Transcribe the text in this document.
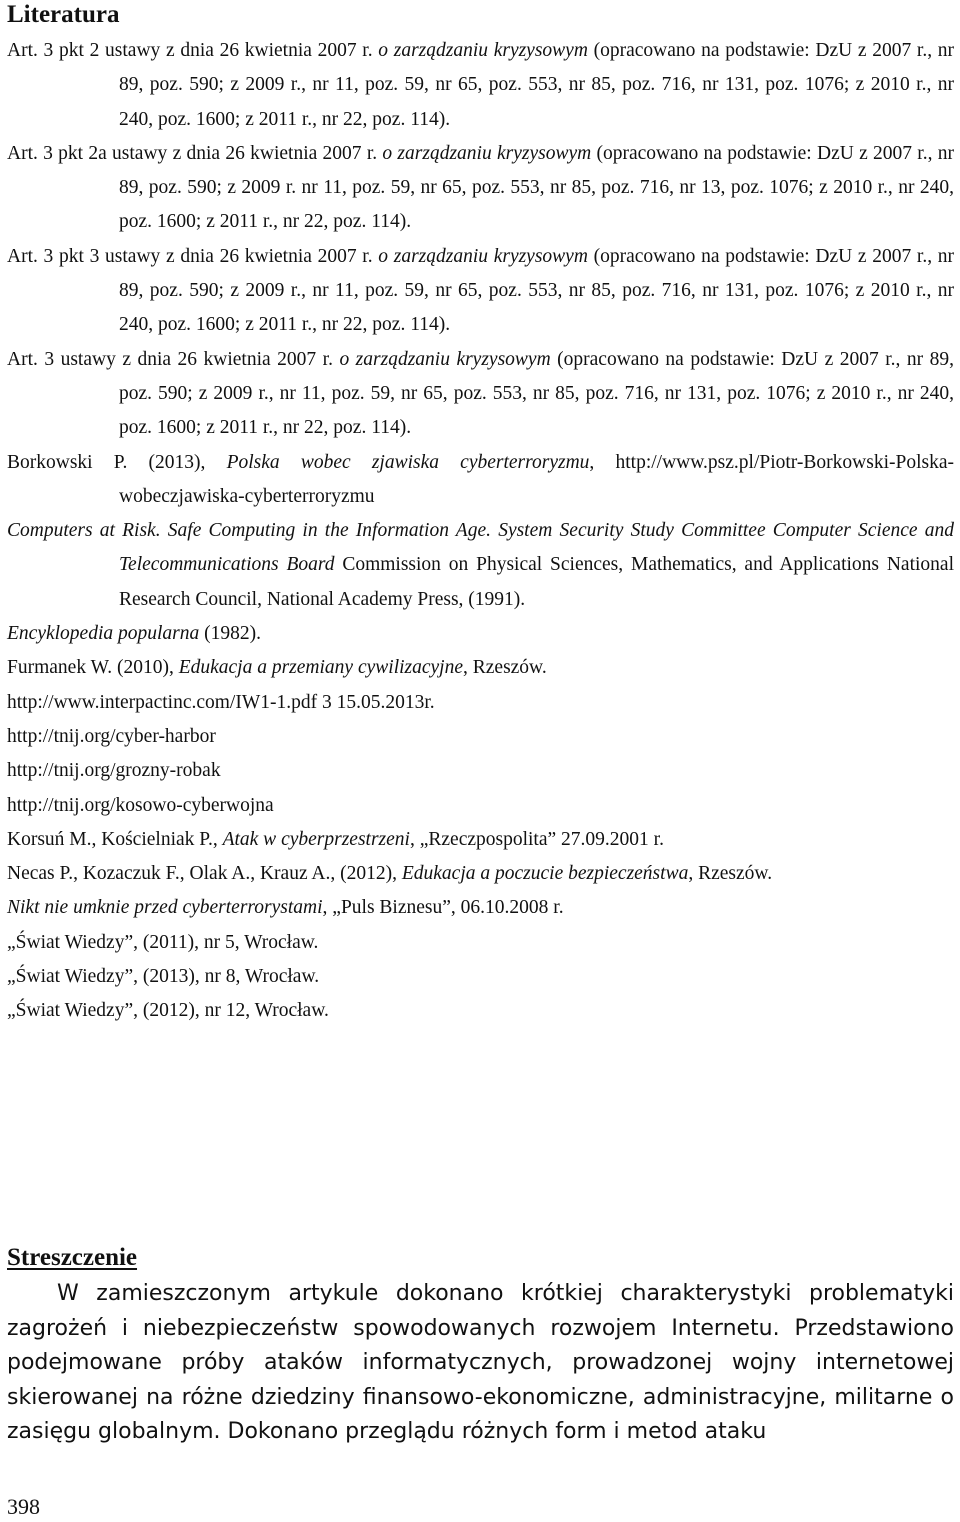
Literatura

Art. 3 pkt 2 ustawy z dnia 26 kwietnia 2007 r. o zarządzaniu kryzysowym (opracowano na podstawie: DzU z 2007 r., nr 89, poz. 590; z 2009 r., nr 11, poz. 59, nr 65, poz. 553, nr 85, poz. 716, nr 131, poz. 1076; z 2010 r., nr 240, poz. 1600; z 2011 r., nr 22, poz. 114).

Art. 3 pkt 2a ustawy z dnia 26 kwietnia 2007 r. o zarządzaniu kryzysowym (opracowano na podstawie: DzU z 2007 r., nr 89, poz. 590; z 2009 r. nr 11, poz. 59, nr 65, poz. 553, nr 85, poz. 716, nr 13, poz. 1076; z 2010 r., nr 240, poz. 1600; z 2011 r., nr 22, poz. 114).

Art. 3 pkt 3 ustawy z dnia 26 kwietnia 2007 r. o zarządzaniu kryzysowym (opracowano na podstawie: DzU z 2007 r., nr 89, poz. 590; z 2009 r., nr 11, poz. 59, nr 65, poz. 553, nr 85, poz. 716, nr 131, poz. 1076; z 2010 r., nr 240, poz. 1600; z 2011 r., nr 22, poz. 114).

Art. 3 ustawy z dnia 26 kwietnia 2007 r. o zarządzaniu kryzysowym (opracowano na podstawie: DzU z 2007 r., nr 89, poz. 590; z 2009 r., nr 11, poz. 59, nr 65, poz. 553, nr 85, poz. 716, nr 131, poz. 1076; z 2010 r., nr 240, poz. 1600; z 2011 r., nr 22, poz. 114).

Borkowski P. (2013), Polska wobec zjawiska cyberterroryzmu, http://www.psz.pl/Piotr-Borkowski-Polska-wobeczjawiska-cyberterroryzmu

Computers at Risk. Safe Computing in the Information Age. System Security Study Committee Computer Science and Telecommunications Board Commission on Physical Sciences, Mathematics, and Applications National Research Council, National Academy Press, (1991).

Encyklopedia popularna (1982).

Furmanek W. (2010), Edukacja a przemiany cywilizacyjne, Rzeszów.

http://www.interpactinc.com/IW1-1.pdf 3 15.05.2013r.

http://tnij.org/cyber-harbor

http://tnij.org/grozny-robak

http://tnij.org/kosowo-cyberwojna

Korsuń M., Kościelniak P., Atak w cyberprzestrzeni, „Rzeczpospolita” 27.09.2001 r.

Necas P., Kozaczuk F., Olak A., Krauz A., (2012), Edukacja a poczucie bezpieczeństwa, Rzeszów.

Nikt nie umknie przed cyberterrorystami, „Puls Biznesu”, 06.10.2008 r.

„Świat Wiedzy”, (2011), nr 5, Wrocław.

„Świat Wiedzy”, (2013), nr 8, Wrocław.

„Świat Wiedzy”, (2012), nr 12, Wrocław.

Streszczenie

W zamieszczonym artykule dokonano krótkiej charakterystyki problematyki zagrożeń i niebezpieczeństw spowodowanych rozwojem Internetu. Przedstawiono podejmowane próby ataków informatycznych, prowadzonej wojny internetowej skierowanej na różne dziedziny finansowo-ekonomiczne, administracyjne, militarne o zasięgu globalnym. Dokonano przeglądu różnych form i metod ataku

398
